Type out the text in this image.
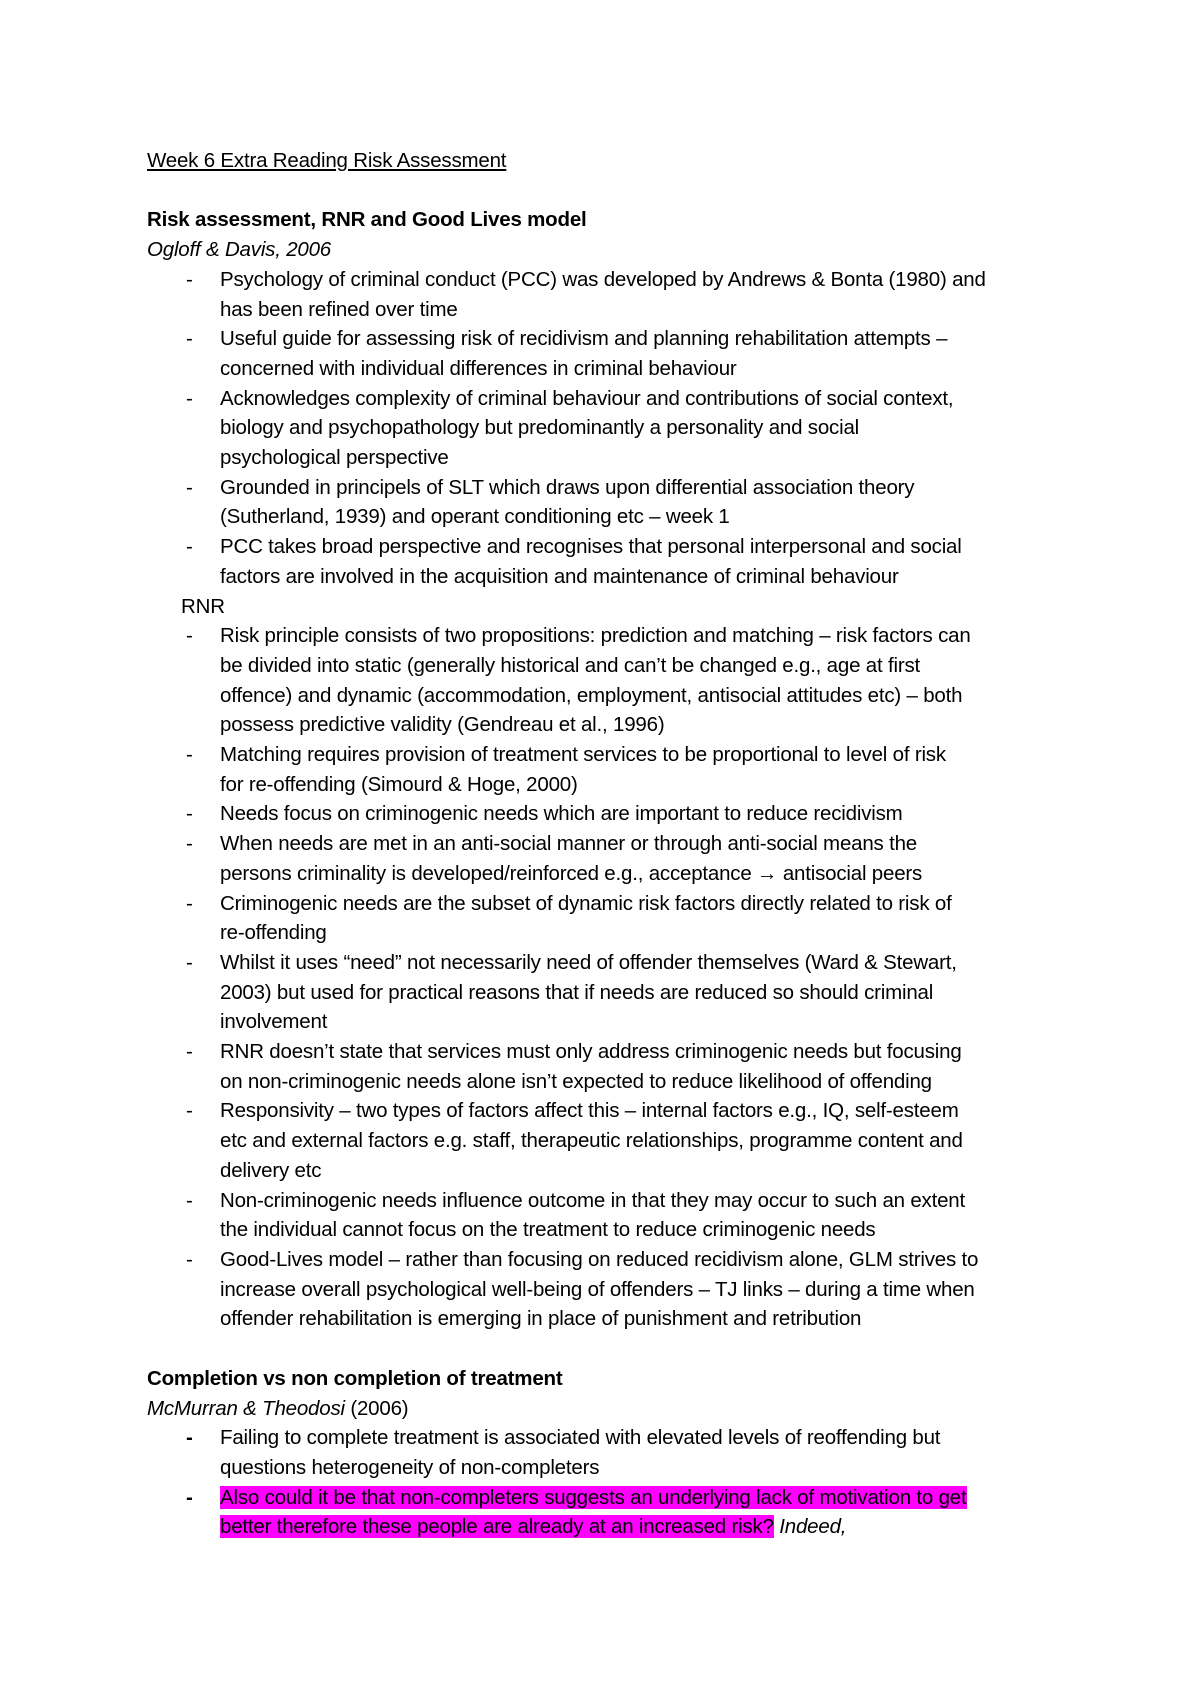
Week 6 Extra Reading Risk Assessment

Risk assessment, RNR and Good Lives model

Ogloff & Davis, 2006

- Psychology of criminal conduct (PCC) was developed by Andrews & Bonta (1980) and
has been refined over time
- Useful guide for assessing risk of recidivism and planning rehabilitation attempts –
concerned with individual differences in criminal behaviour
- Acknowledges complexity of criminal behaviour and contributions of social context,
biology and psychopathology but predominantly a personality and social
psychological perspective
- Grounded in principels of SLT which draws upon differential association theory
(Sutherland, 1939) and operant conditioning etc – week 1
- PCC takes broad perspective and recognises that personal interpersonal and social
factors are involved in the acquisition and maintenance of criminal behaviour

RNR

- Risk principle consists of two propositions: prediction and matching – risk factors can
be divided into static (generally historical and can’t be changed e.g., age at first
offence) and dynamic (accommodation, employment, antisocial attitudes etc) – both
possess predictive validity (Gendreau et al., 1996)
- Matching requires provision of treatment services to be proportional to level of risk
for re-offending (Simourd & Hoge, 2000)
- Needs focus on criminogenic needs which are important to reduce recidivism
- When needs are met in an anti-social manner or through anti-social means the
persons criminality is developed/reinforced e.g., acceptance → antisocial peers
- Criminogenic needs are the subset of dynamic risk factors directly related to risk of
re-offending
- Whilst it uses “need” not necessarily need of offender themselves (Ward & Stewart,
2003) but used for practical reasons that if needs are reduced so should criminal
involvement
- RNR doesn’t state that services must only address criminogenic needs but focusing
on non-criminogenic needs alone isn’t expected to reduce likelihood of offending
- Responsivity – two types of factors affect this – internal factors e.g., IQ, self-esteem
etc and external factors e.g. staff, therapeutic relationships, programme content and
delivery etc
- Non-criminogenic needs influence outcome in that they may occur to such an extent
the individual cannot focus on the treatment to reduce criminogenic needs
- Good-Lives model – rather than focusing on reduced recidivism alone, GLM strives to
increase overall psychological well-being of offenders – TJ links – during a time when
offender rehabilitation is emerging in place of punishment and retribution

Completion vs non completion of treatment

McMurran & Theodosi (2006)

- Failing to complete treatment is associated with elevated levels of reoffending but
questions heterogeneity of non-completers
- Also could it be that non-completers suggests an underlying lack of motivation to get
better therefore these people are already at an increased risk? Indeed,
